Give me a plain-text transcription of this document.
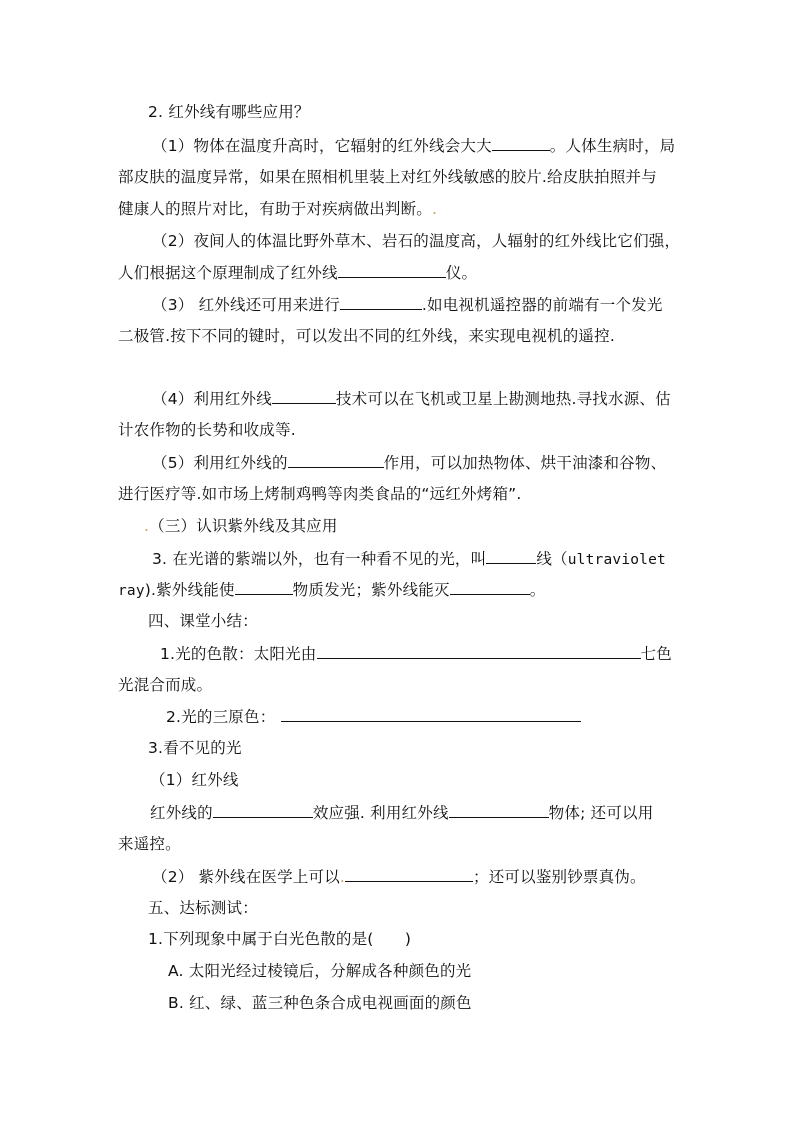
2. 红外线有哪些应用？
（1）物体在温度升高时，它辐射的红外线会大大	。人体生病时，局
部皮肤的温度异常，如果在照相机里装上对红外线敏感的胶片.给皮肤拍照并与
健康人的照片对比，有助于对疾病做出判断。.
（2）夜间人的体温比野外草木、岩石的温度高，人辐射的红外线比它们强，
人们根据这个原理制成了红外线	仪。
（3） 红外线还可用来进行	.如电视机遥控器的前端有一个发光
二极管.按下不同的键时，可以发出不同的红外线，来实现电视机的遥控.
（4）利用红外线	技术可以在飞机或卫星上勘测地热.寻找水源、估
计农作物的长势和收成等.
（5）利用红外线的	作用，可以加热物体、烘干油漆和谷物、
进行医疗等.如市场上烤制鸡鸭等肉类食品的“远红外烤箱”.
.（三）认识紫外线及其应用
3. 在光谱的紫端以外，也有一种看不见的光，叫	线（ultraviolet
ray).紫外线能使	物质发光；紫外线能灭	。
四、课堂小结：
1.光的色散：太阳光由	七色
光混合而成。
2.光的三原色：
3.看不见的光
（1）红外线
红外线的	效应强. 利用红外线	物体; 还可以用
来遥控。
（2） 紫外线在医学上可以.	；还可以鉴别钞票真伪。
五、达标测试：
1.下列现象中属于白光色散的是(　　)
A. 太阳光经过棱镜后，分解成各种颜色的光
B. 红、绿、蓝三种色条合成电视画面的颜色
